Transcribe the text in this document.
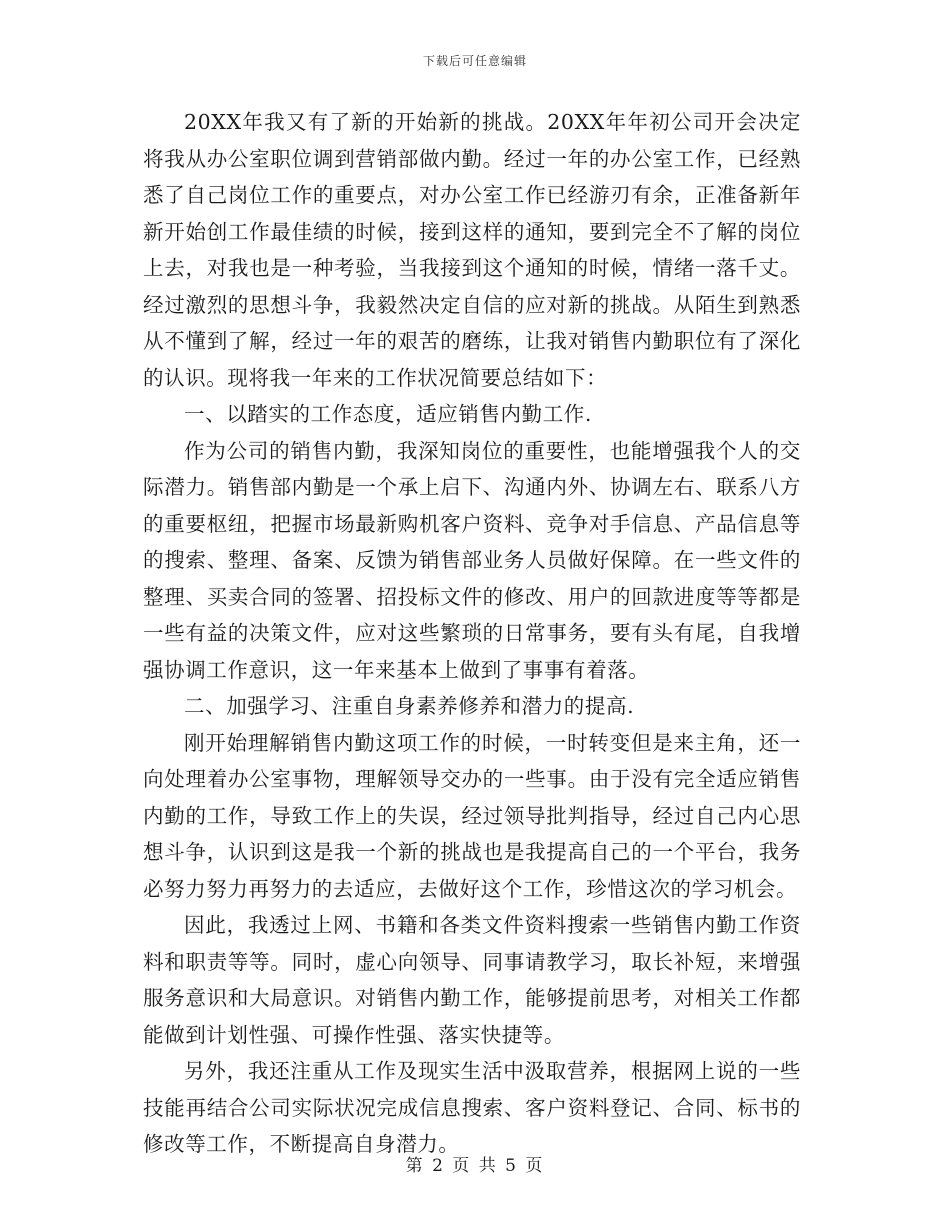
下载后可任意编辑

20XX年我又有了新的开始新的挑战。20XX年年初公司开会决定将我从办公室职位调到营销部做内勤。经过一年的办公室工作，已经熟悉了自己岗位工作的重要点，对办公室工作已经游刃有余，正准备新年新开始创工作最佳绩的时候，接到这样的通知，要到完全不了解的岗位上去，对我也是一种考验，当我接到这个通知的时候，情绪一落千丈。经过激烈的思想斗争，我毅然决定自信的应对新的挑战。从陌生到熟悉从不懂到了解，经过一年的艰苦的磨练，让我对销售内勤职位有了深化的认识。现将我一年来的工作状况简要总结如下：

一、以踏实的工作态度，适应销售内勤工作.

作为公司的销售内勤，我深知岗位的重要性，也能增强我个人的交际潜力。销售部内勤是一个承上启下、沟通内外、协调左右、联系八方的重要枢纽，把握市场最新购机客户资料、竞争对手信息、产品信息等的搜索、整理、备案、反馈为销售部业务人员做好保障。在一些文件的整理、买卖合同的签署、招投标文件的修改、用户的回款进度等等都是一些有益的决策文件，应对这些繁琐的日常事务，要有头有尾，自我增强协调工作意识，这一年来基本上做到了事事有着落。

二、加强学习、注重自身素养修养和潜力的提高.

刚开始理解销售内勤这项工作的时候，一时转变但是来主角，还一向处理着办公室事物，理解领导交办的一些事。由于没有完全适应销售内勤的工作，导致工作上的失误，经过领导批判指导，经过自己内心思想斗争，认识到这是我一个新的挑战也是我提高自己的一个平台，我务必努力努力再努力的去适应，去做好这个工作，珍惜这次的学习机会。

因此，我透过上网、书籍和各类文件资料搜索一些销售内勤工作资料和职责等等。同时，虚心向领导、同事请教学习，取长补短，来增强服务意识和大局意识。对销售内勤工作，能够提前思考，对相关工作都能做到计划性强、可操作性强、落实快捷等。

另外，我还注重从工作及现实生活中汲取营养，根据网上说的一些技能再结合公司实际状况完成信息搜索、客户资料登记、合同、标书的修改等工作，不断提高自身潜力。

第 2 页 共 5 页
